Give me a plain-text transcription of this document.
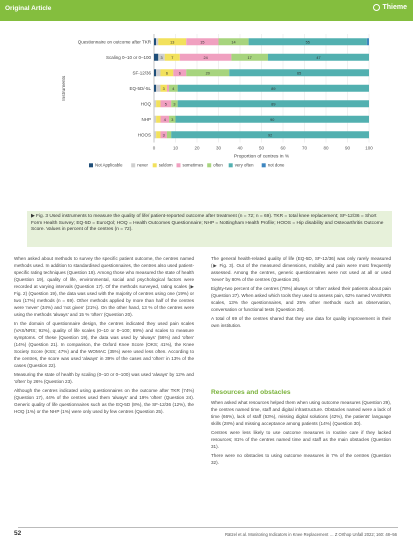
Original Article	Thieme
0	10	20	30	40	50	60	70	80	90	100
Questionnaire on outcome after TKR	13	15	14	55
Scaling 0–10 or 0–100 3 7	24	17	47
SF-12/36	6	6	20	65
EQ-5D/-5L	3 4	89
HOQ	5 3	89
NHP	4 3	90
HOOS	3	92
Proportion of centres in %
Instruments
Not Applicable	never	seldom sometimes often	very often	not done
▶ Fig. 3 Used instruments to measure the quality of life/ patient-reported outcome after treatment (n = 72; n = 69). TKR = total knee replacement; SF-12/36 = Short Form Health Survey; EQ-5D = EuroQol; HOQ = Health Outcomes Questionnaire; NHP = Nottingham Health Profile; HOOS = Hip disability and Osteoarthritis Outcome Score. Values in percent of the centres (n = 72).

When asked about methods to survey the specific patient outcome, the centres named methods used. In addition to standardised questionnaires, the centres also used patient-specific rating techniques (Question 18). Among those who measured the state of health (Question 19), quality of life, environmental, social and psychological factors were recorded at varying intervals (Question 17). Of the methods surveyed, rating scales (▶ Fig. 2) (Question 19), the data was used with the majority of centres using one (19%) or two (17%) methods (n = 69). Other methods applied by more than half of the centres were 'never' (34%) and 'not given' (21%). On the other hand, 13 % of the centres were using the methods 'always' and 15 % 'often' (Question 20).

In the domain of questionnaire design, the centres indicated they used pain scales (VAS/NRS; 92%), quality of life scales (0–10 or 0–100; 69%) and scales to measure symptoms. Of these (Question 19), the data was used by 'always' (56%) and 'often' (14%) (Question 21). In comparison, the Oxford Knee Score (OKS; 41%), the Knee Society Score (KSS; 47%) and the WOMAC (35%) were used less often. According to the centres, the score was used 'always' in 39% of the cases and 'often' in 13% of the cases (Question 22).

Measuring the state of health by scaling (0–10 or 0–100) was used 'always' by 12% and 'often' by 26% (Question 23).

Although the centres indicated using questionnaires on the outcome after TKR (74%) (Question 17), 44% of the centres used them 'always' and 19% 'often' (Question 24). Generic quality of life questionnaires such as the EQ-5D (8%), the SF-12/36 (12%), the HOQ (1%) or the NHP (1%) were only used by few centres (Question 25).

The general health-related quality of life (EQ-5D, SF-12/36) was only rarely measured (▶ Fig. 3). Out of the measured dimensions, mobility and pain were most frequently assessed. Among the centres, generic questionnaires were not used at all or used 'never' by 80% of the centres (Question 26).

Eighty-two percent of the centres (78%) always or 'often' asked their patients about pain (Question 27). When asked which tools they used to assess pain, 62% named VAS/NRS scales, 13% the questionnaires, and 25% other methods such as observation, conversation or functional tests (Question 28).

A total of 69 of the centres shared that they use data for quality improvement in their own institution.

Resources and obstacles

When asked what resources helped them when using outcome measures (Question 29), the centres named time, staff and digital infrastructure. Obstacles named were a lack of time (66%), lack of staff (53%), missing digital solutions (42%), the patients' language skills (28%) and missing acceptance among patients (14%) (Question 30).

Centres were less likely to use outcome measures in routine care if they lacked resources; 81% of the centres named time and staff as the main obstacles (Question 31).

There were no obstacles to using outcome measures in 7% of the centres (Question 32).

52	Rätzel et al. Monitoring Indicators in Knee Replacement … Z Orthop Unfall 2022; 160: 48–56
